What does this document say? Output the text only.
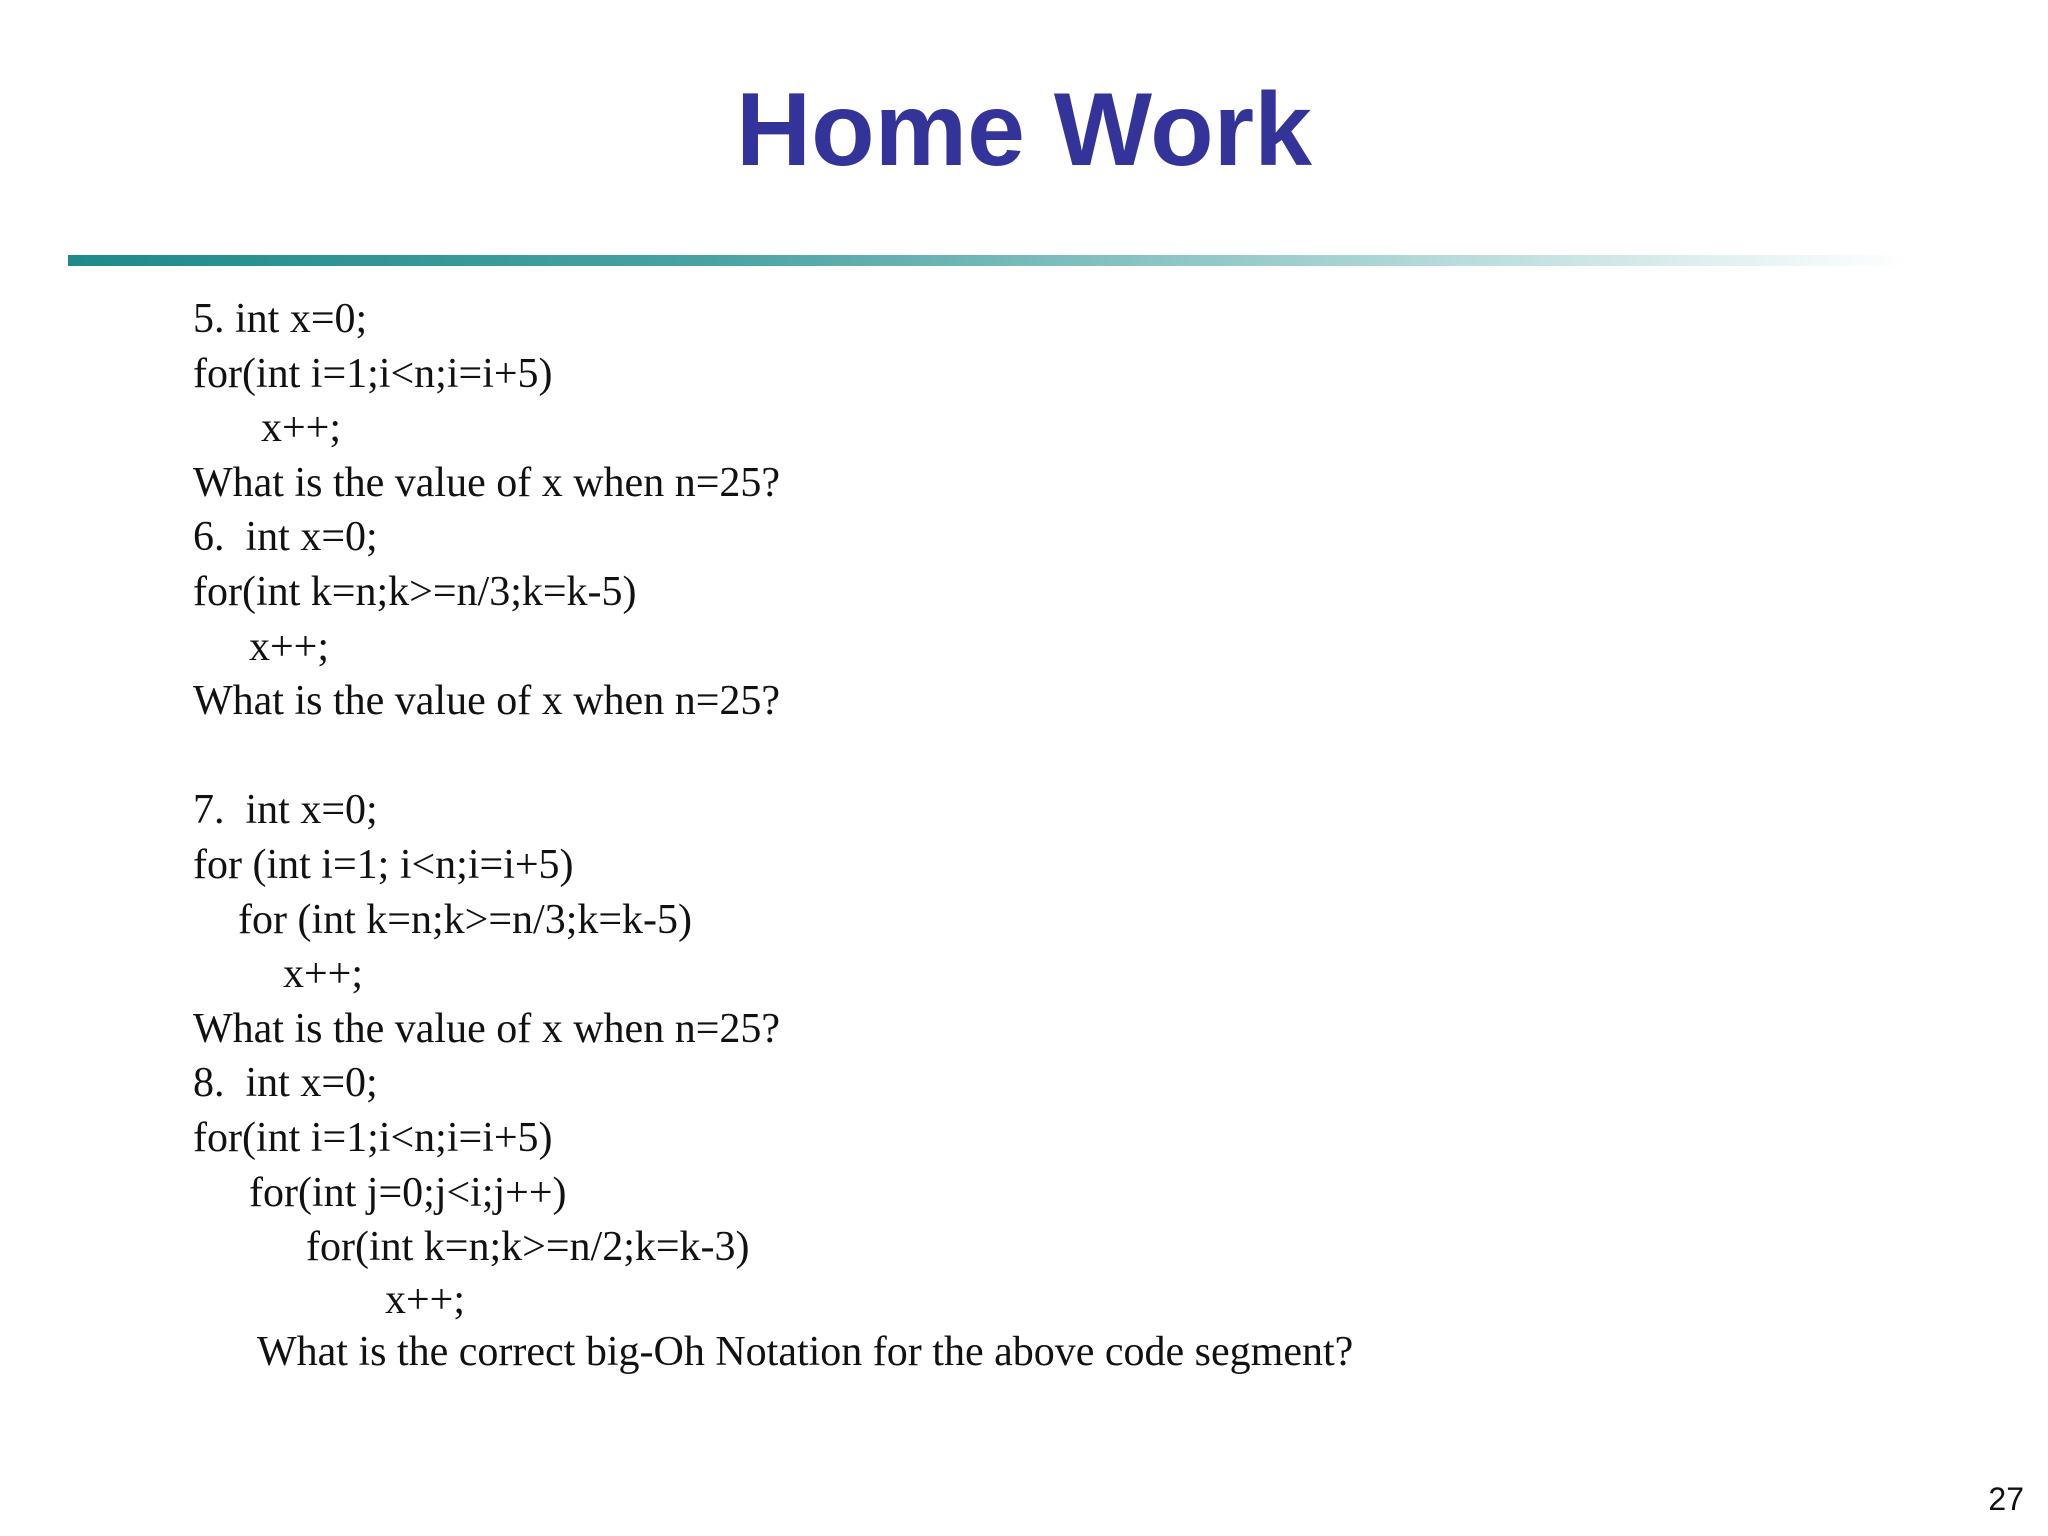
Home Work
5. int x=0;
for(int i=1;i<n;i=i+5)
x++;
What is the value of x when n=25?
6.  int x=0;
for(int k=n;k>=n/3;k=k-5)
x++;
What is the value of x when n=25?
7.  int x=0;
for (int i=1; i<n;i=i+5)
for (int k=n;k>=n/3;k=k-5)
x++;
What is the value of x when n=25?
8.  int x=0;
for(int i=1;i<n;i=i+5)
for(int j=0;j<i;j++)
for(int k=n;k>=n/2;k=k-3)
x++;
What is the correct big-Oh Notation for the above code segment?
27
